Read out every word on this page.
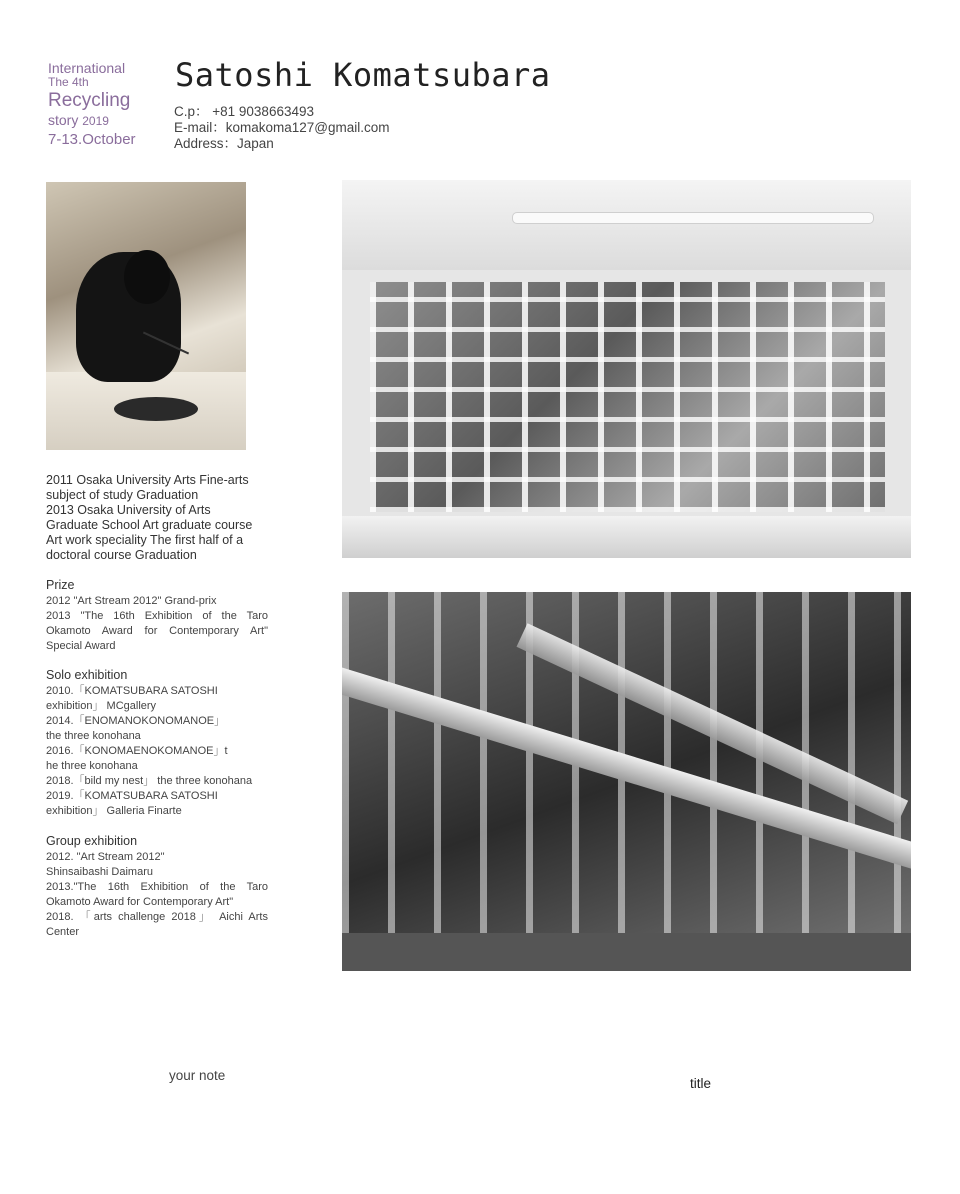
International
The 4th
Recycling
story 2019
7-13.October
Satoshi Komatsubara
C.p： +81 9038663493
E-mail：komakoma127@gmail.com
Address：Japan
2011 Osaka University Arts Fine-arts
subject of study Graduation
2013 Osaka University of Arts
Graduate School Art graduate course
Art work speciality The first half of a
doctoral course Graduation
Prize
2012 "Art Stream 2012" Grand-prix
2013 "The 16th Exhibition of the Taro
Okamoto Award for Contemporary Art"
Special Award
Solo exhibition
2010.「KOMATSUBARA SATOSHI
exhibition」 MCgallery
2014.「ENOMANOKONOMANOE」
the three konohana
2016.「KONOMAENOKOMANOE」t
he three konohana
2018.「bild my nest」 the three konohana
2019.「KOMATSUBARA SATOSHI
exhibition」 Galleria Finarte
Group exhibition
2012. "Art Stream 2012"
Shinsaibashi Daimaru
2013."The 16th Exhibition of the Taro
Okamoto Award for Contemporary Art"
2018. 「arts challenge 2018」 Aichi Arts
Center
your note
title
